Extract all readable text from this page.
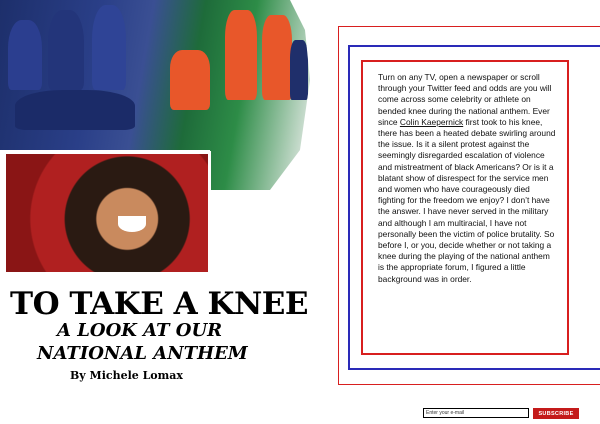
TO TAKE A KNEE
A LOOK AT OUR
NATIONAL ANTHEM
By Michele Lomax

Turn on any TV, open a newspaper or scroll through your Twitter feed and odds are you will come across some celebrity or athlete on bended knee during the national anthem. Ever since Colin Kaepernick first took to his knee, there has been a heated debate swirling around the issue. Is it a silent protest against the seemingly disregarded escalation of violence and mistreatment of black Americans? Or is it a blatant show of disrespect for the service men and women who have courageously died fighting for the freedom we enjoy? I don’t have the answer. I have never served in the military and although I am multiracial, I have not personally been the victim of police brutality. So before I, or you, decide whether or not taking a knee during the playing of the national anthem is the appropriate forum, I figured a little background was in order.

Enter your e-mail
SUBSCRIBE
